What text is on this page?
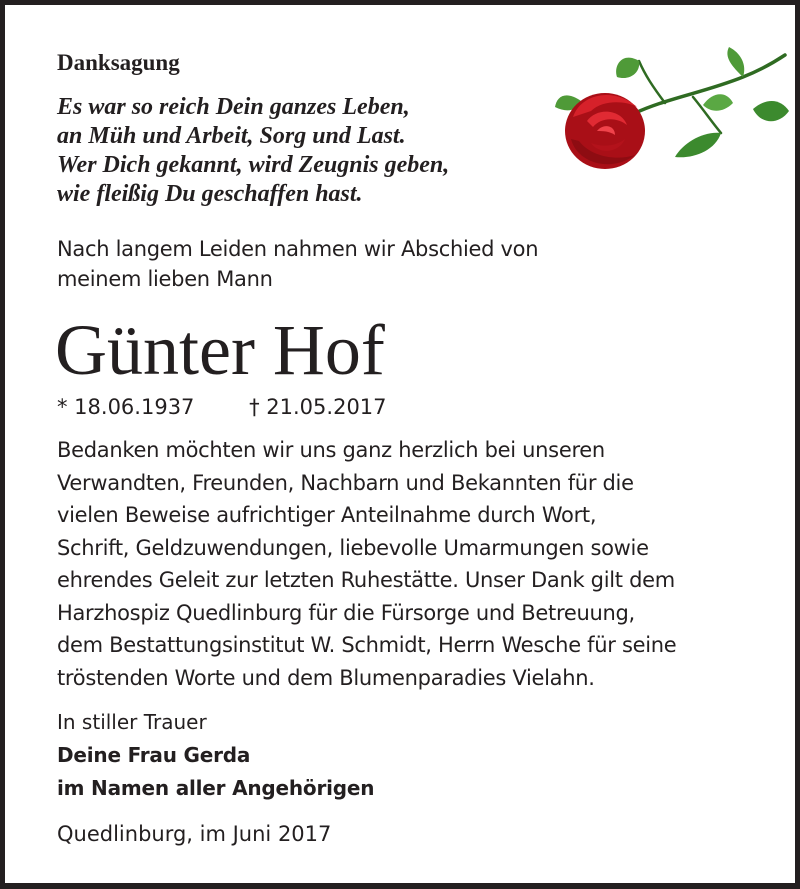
Danksagung
Es war so reich Dein ganzes Leben,
an Müh und Arbeit, Sorg und Last.
Wer Dich gekannt, wird Zeugnis geben,
wie fleißig Du geschaffen hast.
Nach langem Leiden nahmen wir Abschied von
meinem lieben Mann
Günter Hof
* 18.06.1937	† 21.05.2017
Bedanken möchten wir uns ganz herzlich bei unseren
Verwandten, Freunden, Nachbarn und Bekannten für die
vielen Beweise aufrichtiger Anteilnahme durch Wort,
Schrift, Geldzuwendungen, liebevolle Umarmungen sowie
ehrendes Geleit zur letzten Ruhestätte. Unser Dank gilt dem
Harzhospiz Quedlinburg für die Fürsorge und Betreuung,
dem Bestattungsinstitut W. Schmidt, Herrn Wesche für seine
tröstenden Worte und dem Blumenparadies Vielahn.
In stiller Trauer
Deine Frau Gerda
im Namen aller Angehörigen
Quedlinburg, im Juni 2017
